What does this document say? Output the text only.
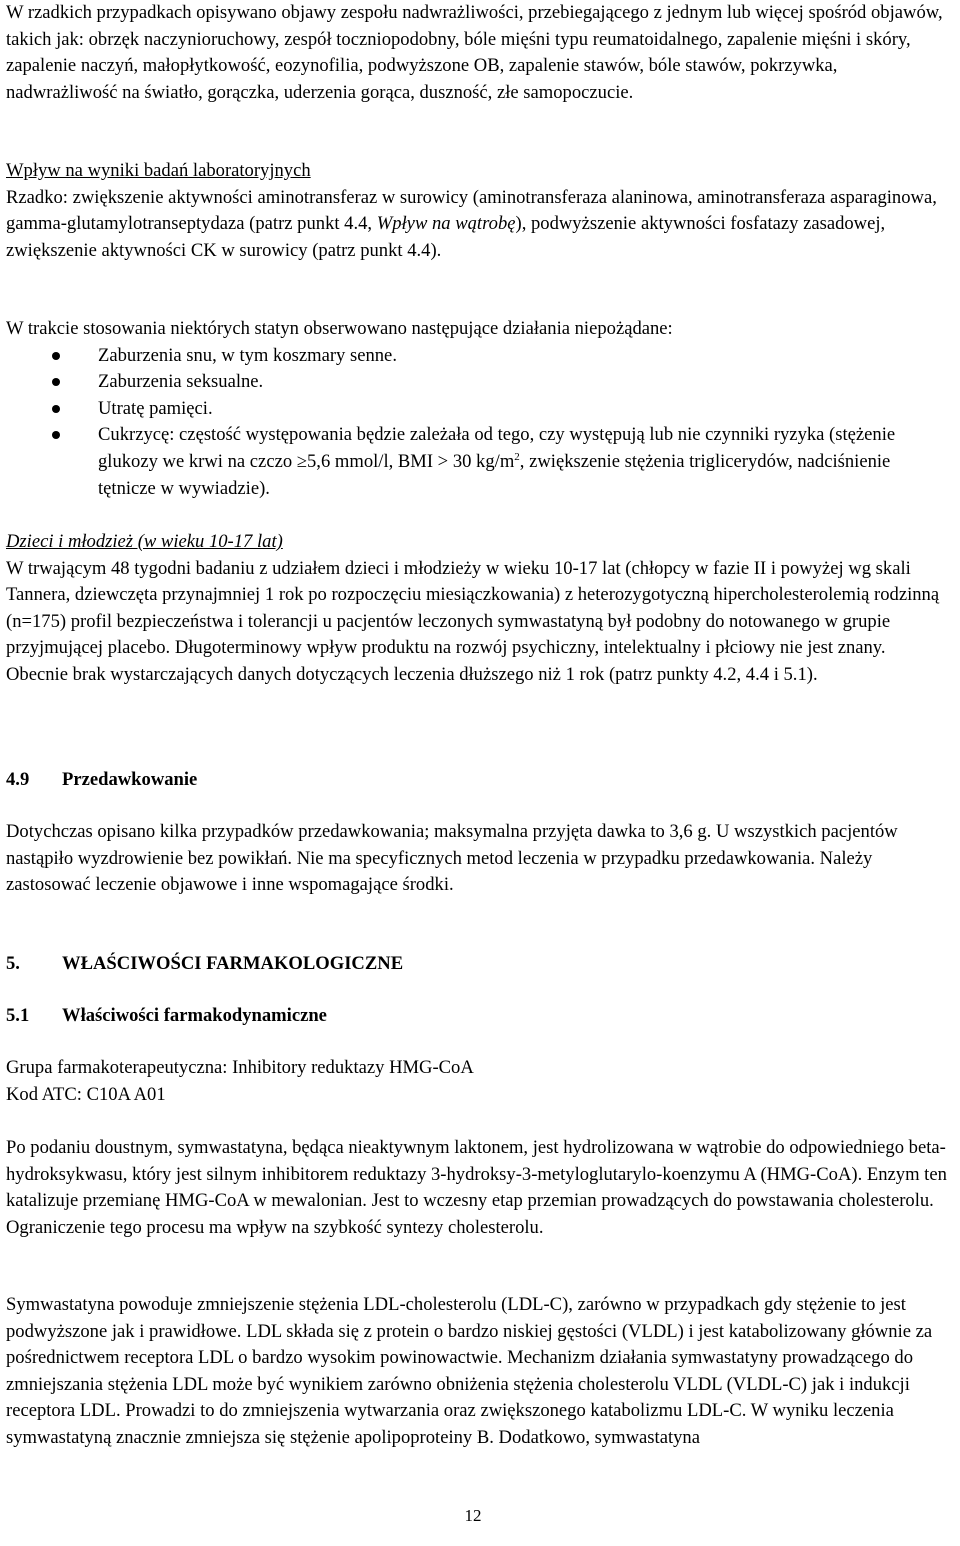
W rzadkich przypadkach opisywano objawy zespołu nadwrażliwości, przebiegającego z jednym lub więcej spośród objawów, takich jak: obrzęk naczynioruchowy, zespół toczniopodobny, bóle mięśni typu reumatoidalnego, zapalenie mięśni i skóry, zapalenie naczyń, małopłytkowość, eozynofilia, podwyższone OB, zapalenie stawów, bóle stawów, pokrzywka, nadwrażliwość na światło, gorączka, uderzenia gorąca, duszność, złe samopoczucie.

Wpływ na wyniki badań laboratoryjnych

Rzadko: zwiększenie aktywności aminotransferaz w surowicy (aminotransferaza alaninowa, aminotransferaza asparaginowa, gamma-glutamylotranseptydaza (patrz punkt 4.4, Wpływ na wątrobę), podwyższenie aktywności fosfatazy zasadowej, zwiększenie aktywności CK w surowicy (patrz punkt 4.4).

W trakcie stosowania niektórych statyn obserwowano następujące działania niepożądane:

Zaburzenia snu, w tym koszmary senne.
Zaburzenia seksualne.
Utratę pamięci.
Cukrzycę: częstość występowania będzie zależała od tego, czy występują lub nie czynniki ryzyka (stężenie glukozy we krwi na czczo ≥5,6 mmol/l, BMI > 30 $kg/m^2$, zwiększenie stężenia triglicerydów, nadciśnienie tętnicze w wywiadzie).

Dzieci i młodzież (w wieku 10-17 lat)

W trwającym 48 tygodni badaniu z udziałem dzieci i młodzieży w wieku 10-17 lat (chłopcy w fazie II i powyżej wg skali Tannera, dziewczęta przynajmniej 1 rok po rozpoczęciu miesiączkowania) z heterozygotyczną hipercholesterolemią rodzinną (n=175) profil bezpieczeństwa i tolerancji u pacjentów leczonych symwastatyną był podobny do notowanego w grupie przyjmującej placebo. Długoterminowy wpływ produktu na rozwój psychiczny, intelektualny i płciowy nie jest znany. Obecnie brak wystarczających danych dotyczących leczenia dłuższego niż 1 rok (patrz punkty 4.2, 4.4 i 5.1).

4.9	Przedawkowanie

Dotychczas opisano kilka przypadków przedawkowania; maksymalna przyjęta dawka to 3,6 g. U wszystkich pacjentów nastąpiło wyzdrowienie bez powikłań. Nie ma specyficznych metod leczenia w przypadku przedawkowania. Należy zastosować leczenie objawowe i inne wspomagające środki.

5.	WŁAŚCIWOŚCI FARMAKOLOGICZNE
5.1	Właściwości farmakodynamiczne

Grupa farmakoterapeutyczna: Inhibitory reduktazy HMG-CoA

Kod ATC: C10A A01

Po podaniu doustnym, symwastatyna, będąca nieaktywnym laktonem, jest hydrolizowana w wątrobie do odpowiedniego beta-hydroksykwasu, który jest silnym inhibitorem reduktazy 3-hydroksy-3-metyloglutarylo-koenzymu A (HMG-CoA). Enzym ten katalizuje przemianę HMG-CoA w mewalonian. Jest to wczesny etap przemian prowadzących do powstawania cholesterolu. Ograniczenie tego procesu ma wpływ na szybkość syntezy cholesterolu.

Symwastatyna powoduje zmniejszenie stężenia LDL-cholesterolu (LDL-C), zarówno w przypadkach gdy stężenie to jest podwyższone jak i prawidłowe. LDL składa się z protein o bardzo niskiej gęstości (VLDL) i jest katabolizowany głównie za pośrednictwem receptora LDL o bardzo wysokim powinowactwie. Mechanizm działania symwastatyny prowadzącego do zmniejszania stężenia LDL może być wynikiem zarówno obniżenia stężenia cholesterolu VLDL (VLDL-C) jak i indukcji receptora LDL. Prowadzi to do zmniejszenia wytwarzania oraz zwiększonego katabolizmu LDL-C. W wyniku leczenia symwastatyną znacznie zmniejsza się stężenie apolipoproteiny B. Dodatkowo, symwastatyna

12
